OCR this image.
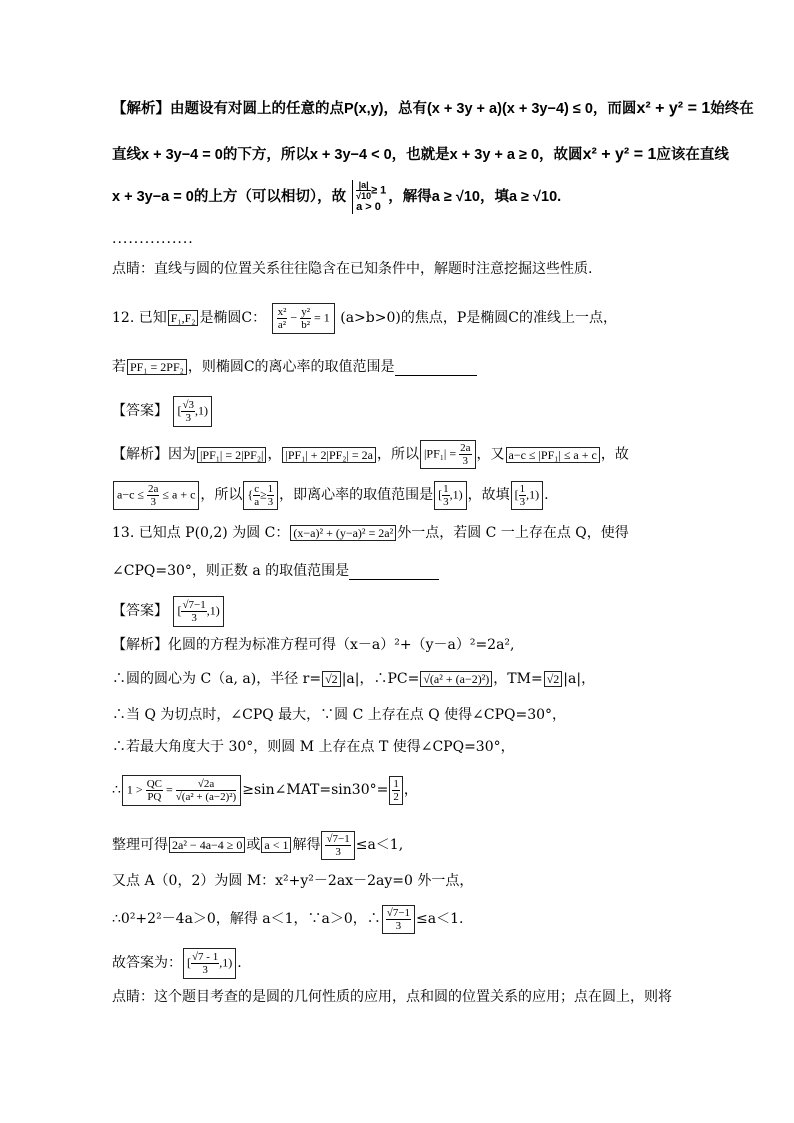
【解析】由题设有对圆上的任意的点P(x,y)，总有(x + 3y + a)(x + 3y−4) ≤ 0，而圆x² + y² = 1始终在
直线x + 3y−4 = 0的下方，所以x + 3y−4 < 0，也就是x + 3y + a ≥ 0，故圆x² + y² = 1应该在直线
x + 3y−a = 0的上方（可以相切），故 $\frac{|a|}{√10} \ge 1$
a > 0，解得a ≥ √10，填a ≥ √10.
...............
点睛：直线与圆的位置关系往往隐含在已知条件中，解题时注意挖掘这些性质.
12. 已知 F₁,F₂ 是椭圆C： $\frac{\text{x²}}{\text{a²}} - \frac{\text{y²}}{\text{b²}} = 1$ (a>b>0)的焦点，P是椭圆C的准线上一点，
若 PF₁ = 2PF₂ ，则椭圆C的离心率的取值范围是
【答案】 [ $\frac{√3}{3} ,1$)
【解析】因为 |PF₁| = 2|PF₂| ， |PF₁| + 2|PF₂| = 2a ，所以 $|PF_1| = \frac{2a}{3}$ ，又 a−c ≤ |PF₁| ≤ a + c ，故
$a-c \le \frac{2a}{3} \le a + c$ ，所以 { $\frac{c}{a} \ge \frac{1}{3}$ ，即离心率的取值范围是 [ $\frac{1}{3} ,1$) ，故填 [ $\frac{1}{3} ,1$) .
13. 已知点 P(0,2) 为圆 C： (x−a)² + (y−a)² = 2a² 外一点，若圆 C 一上存在点 Q，使得
∠CPQ=30°，则正数 a 的取值范围是
【答案】 [ $\frac{√7-1}{3} ,1$)
【解析】化圆的方程为标准方程可得（x－a）²+（y－a）²=2a²,
∴圆的圆心为 C（a, a)，半径 r= √2 |a|，∴PC= √(a² + (a−2)²) ，TM= √2 |a|，
∴当 Q 为切点时，∠CPQ 最大，∵圆 C 上存在点 Q 使得∠CPQ=30°，
∴若最大角度大于 30°，则圆 M 上存在点 T 使得∠CPQ=30°，
∴ $1 > \frac{QC}{PQ} = \frac{√2a}{\text{√(a² + (a−2)²)}}$ ≥sin∠MAT=sin30°= $\frac{1}{2}$ ，
整理可得 2a² − 4a−4 ≥ 0 或 a < 1 解得 $\frac{√7-1}{3} \le a<1$,
又点 A（0，2）为圆 M：x²+y²－2ax－2ay=0 外一点，
∴0²+2²－4a＞0，解得 a＜1，∵a＞0，∴ $\frac{√7-1}{3} \le a<1$.
故答案为： [ $\frac{√7 - 1}{3} ,1$) .
点睛：这个题目考查的是圆的几何性质的应用，点和圆的位置关系的应用；点在圆上，则将
